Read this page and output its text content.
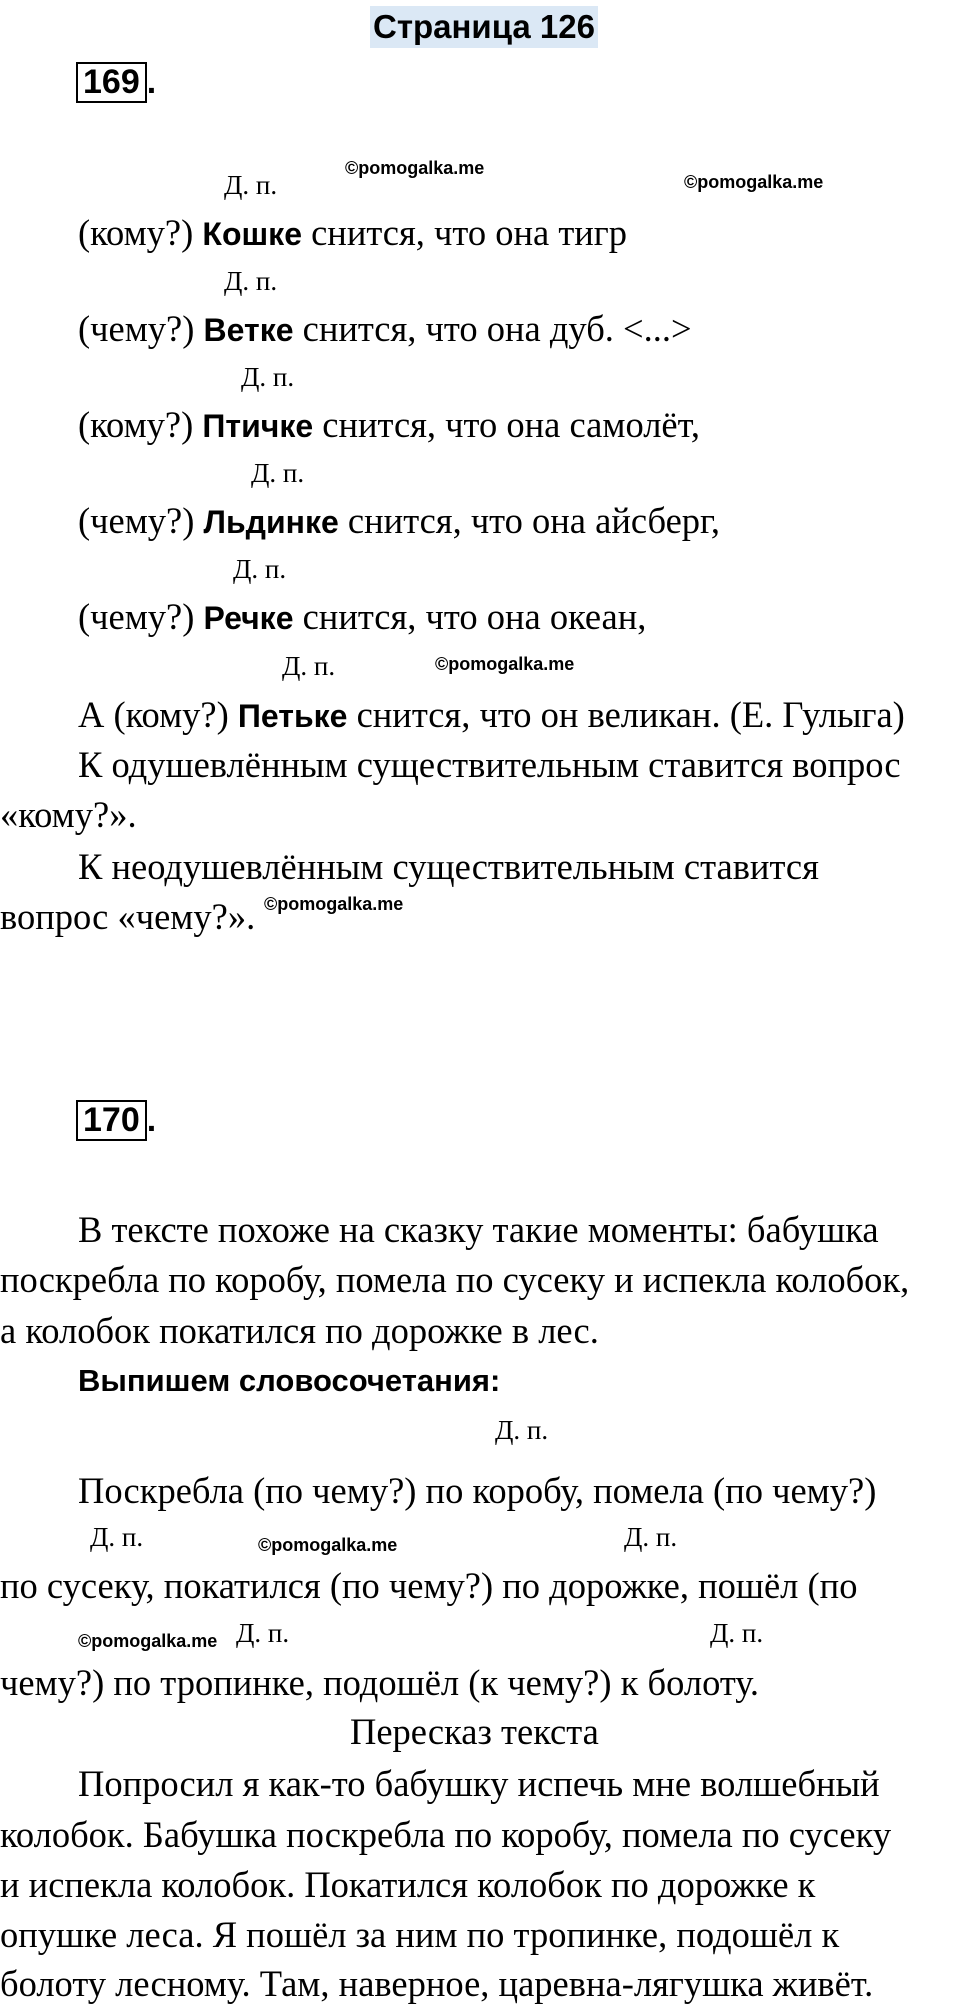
Страница 126
169 .
©pomogalka.me
©pomogalka.me
Д. п.
(кому?) Кошке снится, что она тигр
Д. п.
(чему?) Ветке снится, что она дуб. <...>
Д. п.
(кому?) Птичке снится, что она самолёт,
Д. п.
(чему?) Льдинке снится, что она айсберг,
Д. п.
(чему?) Речке снится, что она океан,
Д. п.	©pomogalka.me
А (кому?) Петьке снится, что он великан. (Е. Гулыга)
К одушевлённым существительным ставится вопрос
«кому?».
К неодушевлённым существительным ставится
вопрос «чему?». ©pomogalka.me
170 .
В тексте похоже на сказку такие моменты: бабушка
поскребла по коробу, помела по сусеку и испекла колобок,
а колобок покатился по дорожке в лес.
Выпишем словосочетания:
Д. п.
Поскребла (по чему?) по коробу, помела (по чему?)
Д. п.	©pomogalka.me	Д. п.
по сусеку, покатился (по чему?) по дорожке, пошёл (по
©pomogalka.me Д. п.	Д. п.
чему?) по тропинке, подошёл (к чему?) к болоту.
Пересказ текста
Попросил я как-то бабушку испечь мне волшебный
колобок. Бабушка поскребла по коробу, помела по сусеку
и испекла колобок. Покатился колобок по дорожке к
опушке леса. Я пошёл за ним по тропинке, подошёл к
болоту лесному. Там, наверное, царевна-лягушка живёт.
